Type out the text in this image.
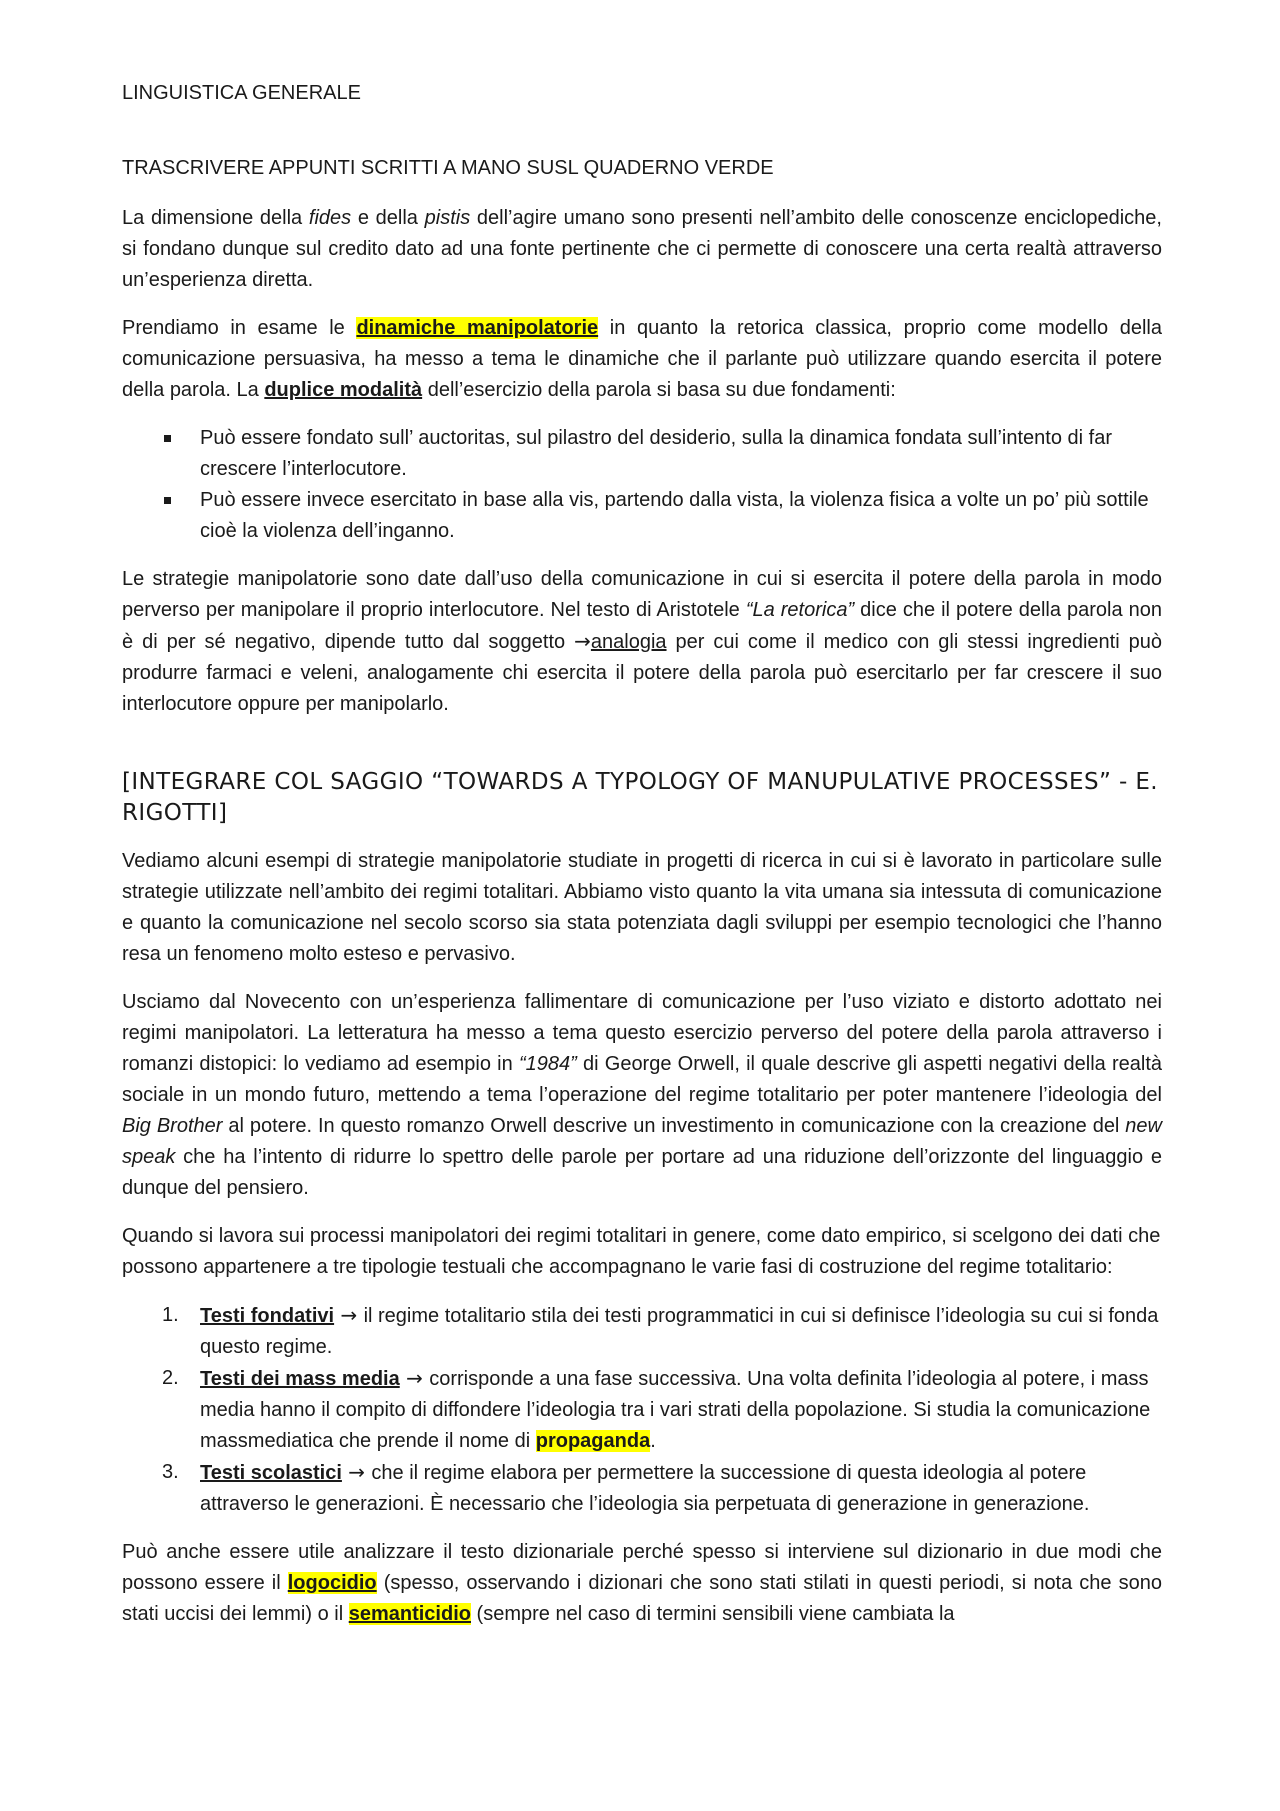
LINGUISTICA GENERALE

TRASCRIVERE APPUNTI SCRITTI A MANO SUSL QUADERNO VERDE

La dimensione della fides e della pistis dell’agire umano sono presenti nell’ambito delle conoscenze enciclopediche, si fondano dunque sul credito dato ad una fonte pertinente che ci permette di conoscere una certa realtà attraverso un’esperienza diretta.

Prendiamo in esame le dinamiche manipolatorie in quanto la retorica classica, proprio come modello della comunicazione persuasiva, ha messo a tema le dinamiche che il parlante può utilizzare quando esercita il potere della parola. La duplice modalità dell’esercizio della parola si basa su due fondamenti:

Può essere fondato sull’ auctoritas, sul pilastro del desiderio, sulla la dinamica fondata sull’intento di far crescere l’interlocutore.
Può essere invece esercitato in base alla vis, partendo dalla vista, la violenza fisica a volte un po’ più sottile cioè la violenza dell’inganno.

Le strategie manipolatorie sono date dall’uso della comunicazione in cui si esercita il potere della parola in modo perverso per manipolare il proprio interlocutore. Nel testo di Aristotele “La retorica” dice che il potere della parola non è di per sé negativo, dipende tutto dal soggetto →analogia per cui come il medico con gli stessi ingredienti può produrre farmaci e veleni, analogamente chi esercita il potere della parola può esercitarlo per far crescere il suo interlocutore oppure per manipolarlo.

[INTEGRARE COL SAGGIO “TOWARDS A TYPOLOGY OF MANUPULATIVE PROCESSES” - E. RIGOTTI]

Vediamo alcuni esempi di strategie manipolatorie studiate in progetti di ricerca in cui si è lavorato in particolare sulle strategie utilizzate nell’ambito dei regimi totalitari. Abbiamo visto quanto la vita umana sia intessuta di comunicazione e quanto la comunicazione nel secolo scorso sia stata potenziata dagli sviluppi per esempio tecnologici che l’hanno resa un fenomeno molto esteso e pervasivo.

Usciamo dal Novecento con un’esperienza fallimentare di comunicazione per l’uso viziato e distorto adottato nei regimi manipolatori. La letteratura ha messo a tema questo esercizio perverso del potere della parola attraverso i romanzi distopici: lo vediamo ad esempio in “1984” di George Orwell, il quale descrive gli aspetti negativi della realtà sociale in un mondo futuro, mettendo a tema l’operazione del regime totalitario per poter mantenere l’ideologia del Big Brother al potere. In questo romanzo Orwell descrive un investimento in comunicazione con la creazione del new speak che ha l’intento di ridurre lo spettro delle parole per portare ad una riduzione dell’orizzonte del linguaggio e dunque del pensiero.

Quando si lavora sui processi manipolatori dei regimi totalitari in genere, come dato empirico, si scelgono dei dati che possono appartenere a tre tipologie testuali che accompagnano le varie fasi di costruzione del regime totalitario:

1. Testi fondativi → il regime totalitario stila dei testi programmatici in cui si definisce l’ideologia su cui si fonda questo regime.
2. Testi dei mass media → corrisponde a una fase successiva. Una volta definita l’ideologia al potere, i mass media hanno il compito di diffondere l’ideologia tra i vari strati della popolazione. Si studia la comunicazione massmediatica che prende il nome di propaganda.
3. Testi scolastici → che il regime elabora per permettere la successione di questa ideologia al potere attraverso le generazioni. È necessario che l’ideologia sia perpetuata di generazione in generazione.

Può anche essere utile analizzare il testo dizionariale perché spesso si interviene sul dizionario in due modi che possono essere il logocidio (spesso, osservando i dizionari che sono stati stilati in questi periodi, si nota che sono stati uccisi dei lemmi) o il semanticidio (sempre nel caso di termini sensibili viene cambiata la
